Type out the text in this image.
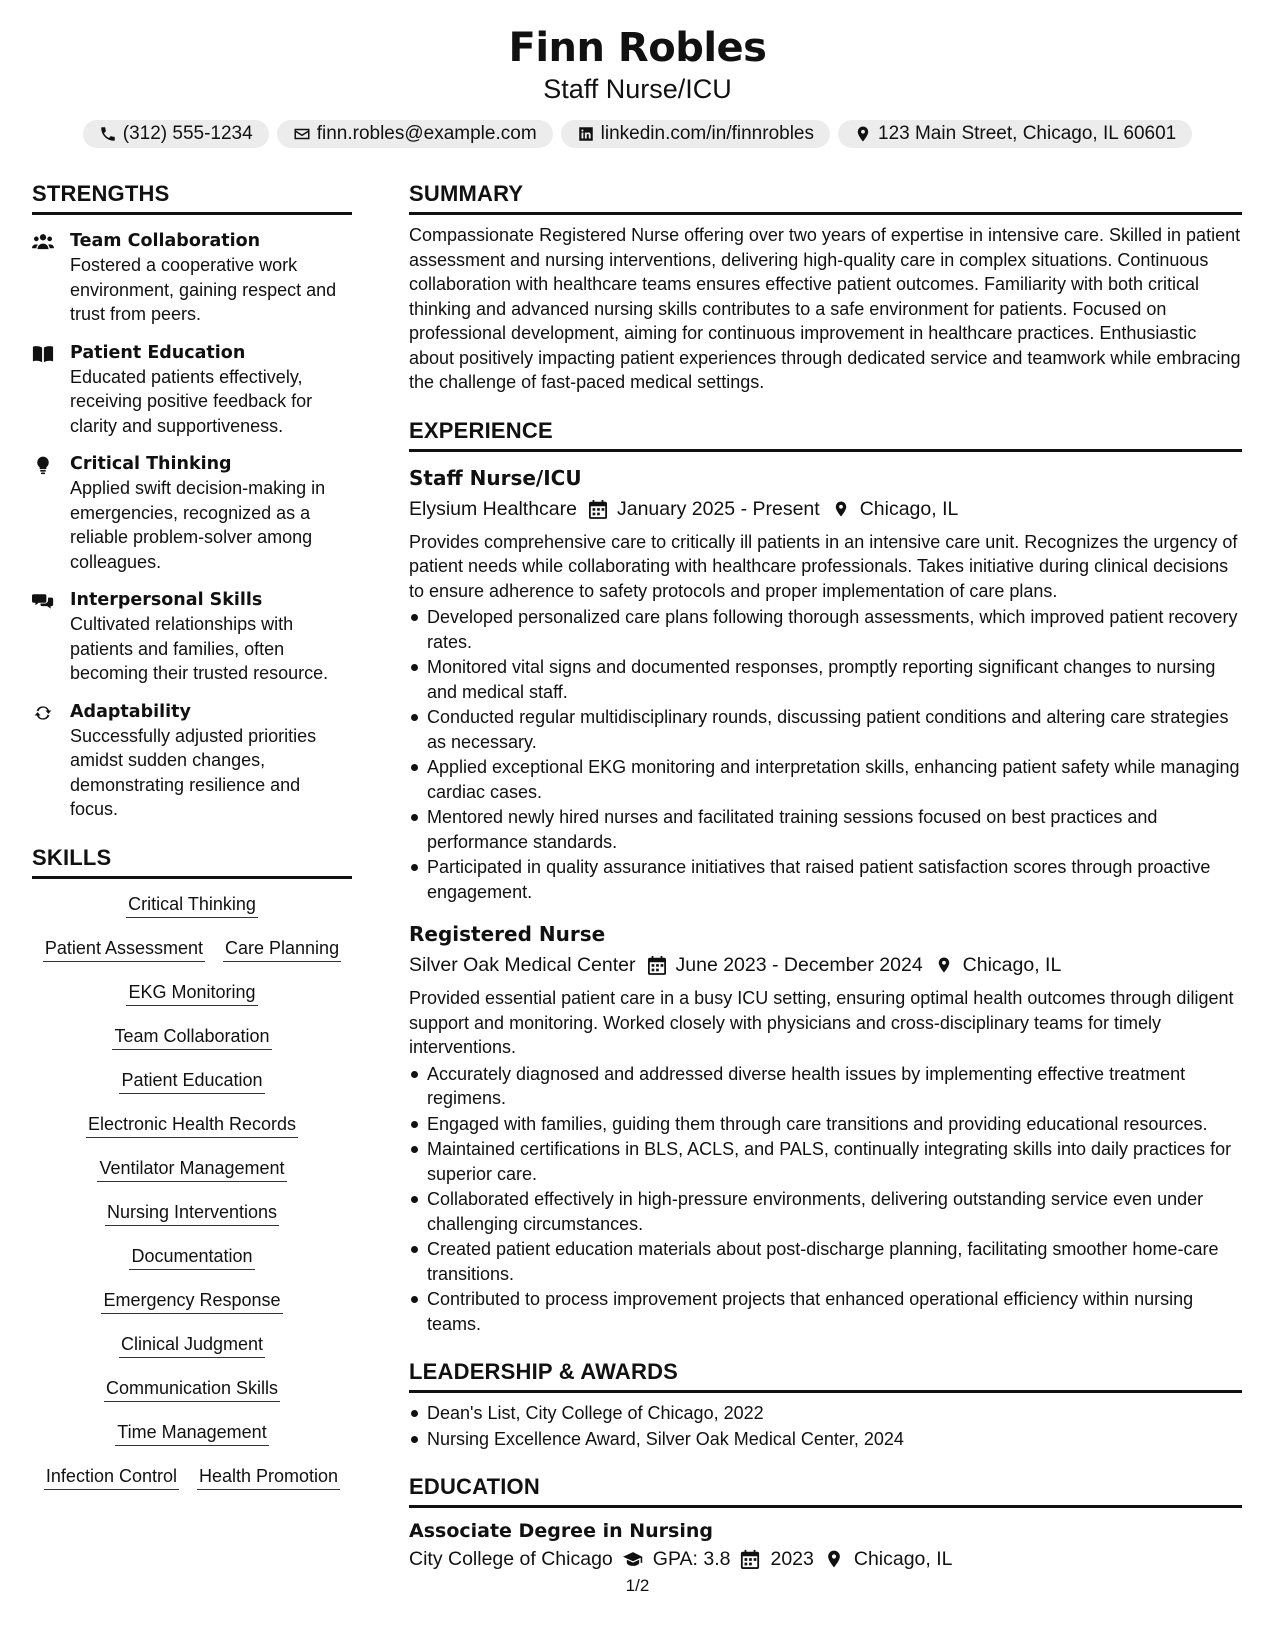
Finn Robles
Staff Nurse/ICU
(312) 555-1234	finn.robles@example.com	linkedin.com/in/finnrobles	123 Main Street, Chicago, IL 60601
STRENGTHS
Team Collaboration
Fostered a cooperative work environment, gaining respect and trust from peers.
Patient Education
Educated patients effectively, receiving positive feedback for clarity and supportiveness.
Critical Thinking
Applied swift decision-making in emergencies, recognized as a reliable problem-solver among colleagues.
Interpersonal Skills
Cultivated relationships with patients and families, often becoming their trusted resource.
Adaptability
Successfully adjusted priorities amidst sudden changes, demonstrating resilience and focus.
SKILLS
Critical Thinking
Patient Assessment Care Planning
EKG Monitoring
Team Collaboration
Patient Education
Electronic Health Records
Ventilator Management
Nursing Interventions
Documentation
Emergency Response
Clinical Judgment
Communication Skills
Time Management
Infection Control Health Promotion
SUMMARY
Compassionate Registered Nurse offering over two years of expertise in intensive care. Skilled in patient assessment and nursing interventions, delivering high-quality care in complex situations. Continuous collaboration with healthcare teams ensures effective patient outcomes. Familiarity with both critical thinking and advanced nursing skills contributes to a safe environment for patients. Focused on professional development, aiming for continuous improvement in healthcare practices. Enthusiastic about positively impacting patient experiences through dedicated service and teamwork while embracing the challenge of fast-paced medical settings.
EXPERIENCE
Staff Nurse/ICU
Elysium Healthcare January 2025 - Present Chicago, IL
Provides comprehensive care to critically ill patients in an intensive care unit. Recognizes the urgency of patient needs while collaborating with healthcare professionals. Takes initiative during clinical decisions to ensure adherence to safety protocols and proper implementation of care plans.
Developed personalized care plans following thorough assessments, which improved patient recovery rates.
Monitored vital signs and documented responses, promptly reporting significant changes to nursing and medical staff.
Conducted regular multidisciplinary rounds, discussing patient conditions and altering care strategies as necessary.
Applied exceptional EKG monitoring and interpretation skills, enhancing patient safety while managing cardiac cases.
Mentored newly hired nurses and facilitated training sessions focused on best practices and performance standards.
Participated in quality assurance initiatives that raised patient satisfaction scores through proactive engagement.
Registered Nurse
Silver Oak Medical Center June 2023 - December 2024 Chicago, IL
Provided essential patient care in a busy ICU setting, ensuring optimal health outcomes through diligent support and monitoring. Worked closely with physicians and cross-disciplinary teams for timely interventions.
Accurately diagnosed and addressed diverse health issues by implementing effective treatment regimens.
Engaged with families, guiding them through care transitions and providing educational resources.
Maintained certifications in BLS, ACLS, and PALS, continually integrating skills into daily practices for superior care.
Collaborated effectively in high-pressure environments, delivering outstanding service even under challenging circumstances.
Created patient education materials about post-discharge planning, facilitating smoother home-care transitions.
Contributed to process improvement projects that enhanced operational efficiency within nursing teams.
LEADERSHIP & AWARDS
Dean's List, City College of Chicago, 2022
Nursing Excellence Award, Silver Oak Medical Center, 2024
EDUCATION
Associate Degree in Nursing
City College of Chicago GPA: 3.8 2023 Chicago, IL
1/2
